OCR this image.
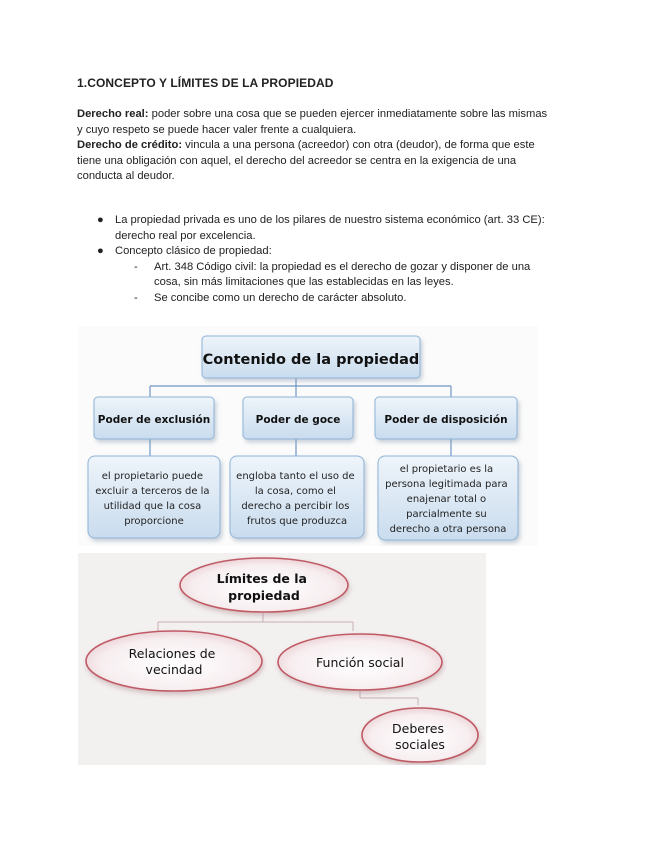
1.CONCEPTO Y LÍMITES DE LA PROPIEDAD
Derecho real: poder sobre una cosa que se pueden ejercer inmediatamente sobre las mismas
y cuyo respeto se puede hacer valer frente a cualquiera.
Derecho de crédito: vincula a una persona (acreedor) con otra (deudor), de forma que este
tiene una obligación con aquel, el derecho del acreedor se centra en la exigencia de una
conducta al deudor.
● La propiedad privada es uno de los pilares de nuestro sistema económico (art. 33 CE):
derecho real por excelencia.
● Concepto clásico de propiedad:
- Art. 348 Código civil: la propiedad es el derecho de gozar y disponer de una
cosa, sin más limitaciones que las establecidas en las leyes.
- Se concibe como un derecho de carácter absoluto.
Contenido de la propiedad
Poder de exclusión	Poder de goce	Poder de disposición
el propietario puede excluir a terceros de la utilidad que la cosa proporcione
engloba tanto el uso de la cosa, como el derecho a percibir los frutos que produzca
el propietario es la persona legitimada para enajenar total o parcialmente su derecho a otra persona
Límites de la propiedad
Relaciones de vecindad	Función social
Deberes sociales
